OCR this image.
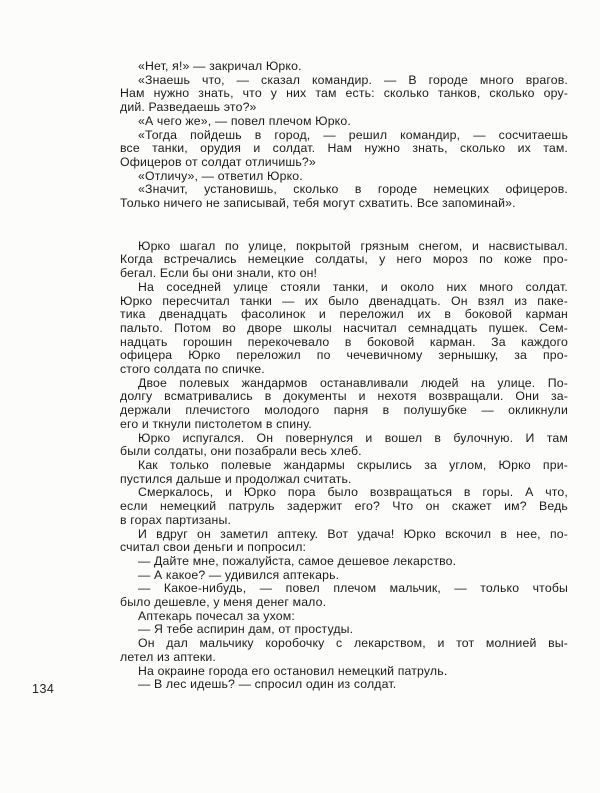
«Нет, я!» — закричал Юрко.
«Знаешь что, — сказал командир. — В городе много врагов.
Нам нужно знать, что у них там есть: сколько танков, сколько ору-
дий. Разведаешь это?»
«А чего же», — повел плечом Юрко.
«Тогда пойдешь в город, — решил командир, — сосчитаешь
все танки, орудия и солдат. Нам нужно знать, сколько их там.
Офицеров от солдат отличишь?»
«Отличу», — ответил Юрко.
«Значит, установишь, сколько в городе немецких офицеров.
Только ничего не записывай, тебя могут схватить. Все запоминай».
Юрко шагал по улице, покрытой грязным снегом, и насвистывал.
Когда встречались немецкие солдаты, у него мороз по коже про-
бегал. Если бы они знали, кто он!
На соседней улице стояли танки, и около них много солдат.
Юрко пересчитал танки — их было двенадцать. Он взял из паке-
тика двенадцать фасолинок и переложил их в боковой карман
пальто. Потом во дворе школы насчитал семнадцать пушек. Сем-
надцать горошин перекочевало в боковой карман. За каждого
офицера Юрко переложил по чечевичному зернышку, за про-
стого солдата по спичке.
Двое полевых жандармов останавливали людей на улице. По-
долгу всматривались в документы и нехотя возвращали. Они за-
держали плечистого молодого парня в полушубке — окликнули
его и ткнули пистолетом в спину.
Юрко испугался. Он повернулся и вошел в булочную. И там
были солдаты, они позабрали весь хлеб.
Как только полевые жандармы скрылись за углом, Юрко при-
пустился дальше и продолжал считать.
Смеркалось, и Юрко пора было возвращаться в горы. А что,
если немецкий патруль задержит его? Что он скажет им? Ведь
в горах партизаны.
И вдруг он заметил аптеку. Вот удача! Юрко вскочил в нее, по-
считал свои деньги и попросил:
— Дайте мне, пожалуйста, самое дешевое лекарство.
— А какое? — удивился аптекарь.
— Какое-нибудь, — повел плечом мальчик, — только чтобы
было дешевле, у меня денег мало.
Аптекарь почесал за ухом:
— Я тебе аспирин дам, от простуды.
Он дал мальчику коробочку с лекарством, и тот молнией вы-
летел из аптеки.
На окраине города его остановил немецкий патруль.
— В лес идешь? — спросил один из солдат.
134
